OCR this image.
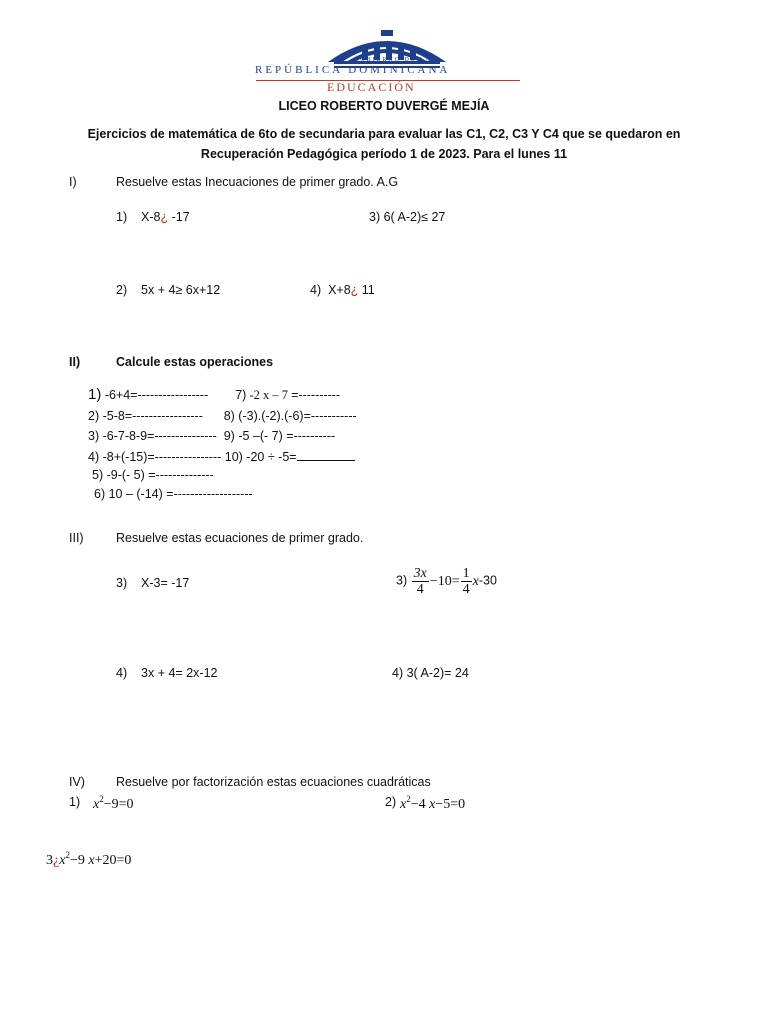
GOBIERNO DE LA
REPÚBLICA DOMINICANA
EDUCACIÓN
LICEO ROBERTO DUVERGÉ MEJÍA
Ejercicios de matemática de 6to de secundaria para evaluar las C1, C2, C3 Y C4 que se quedaron en
Recuperación Pedagógica período 1 de 2023. Para el lunes 11
I)	Resuelve estas Inecuaciones de primer grado. A.G
1) X-8¿ -17	3) 6( A-2)≤ 27
2) 5x + 4≥ 6x+12	4) X+8¿ 11
II)	Calcule estas operaciones
1) -6+4=----------------- 7) -2 x – 7 =----------
2) -5-8=-----------------      8) (-3).(-2).(-6)=-----------
3) -6-7-8-9=---------------  9) -5 –(- 7) =----------
4) -8+(-15)=---------------- 10) -20 ÷ -5=
5) -9-(- 5) =--------------
6) 10 – (-14) =-------------------
III)	Resuelve estas ecuaciones de primer grado.
3) X-3= -17	$3) \frac{3x}{4} -10= \frac{1}{4} x-30$
4) 3x + 4= 2x-12	4) 3( A-2)= 24
IV) Resuelve por factorización estas ecuaciones cuadráticas
1) $x^2-9=0$	2) $x^2-4$ x−5=0
$3¿x^2-9$ x+20=0
